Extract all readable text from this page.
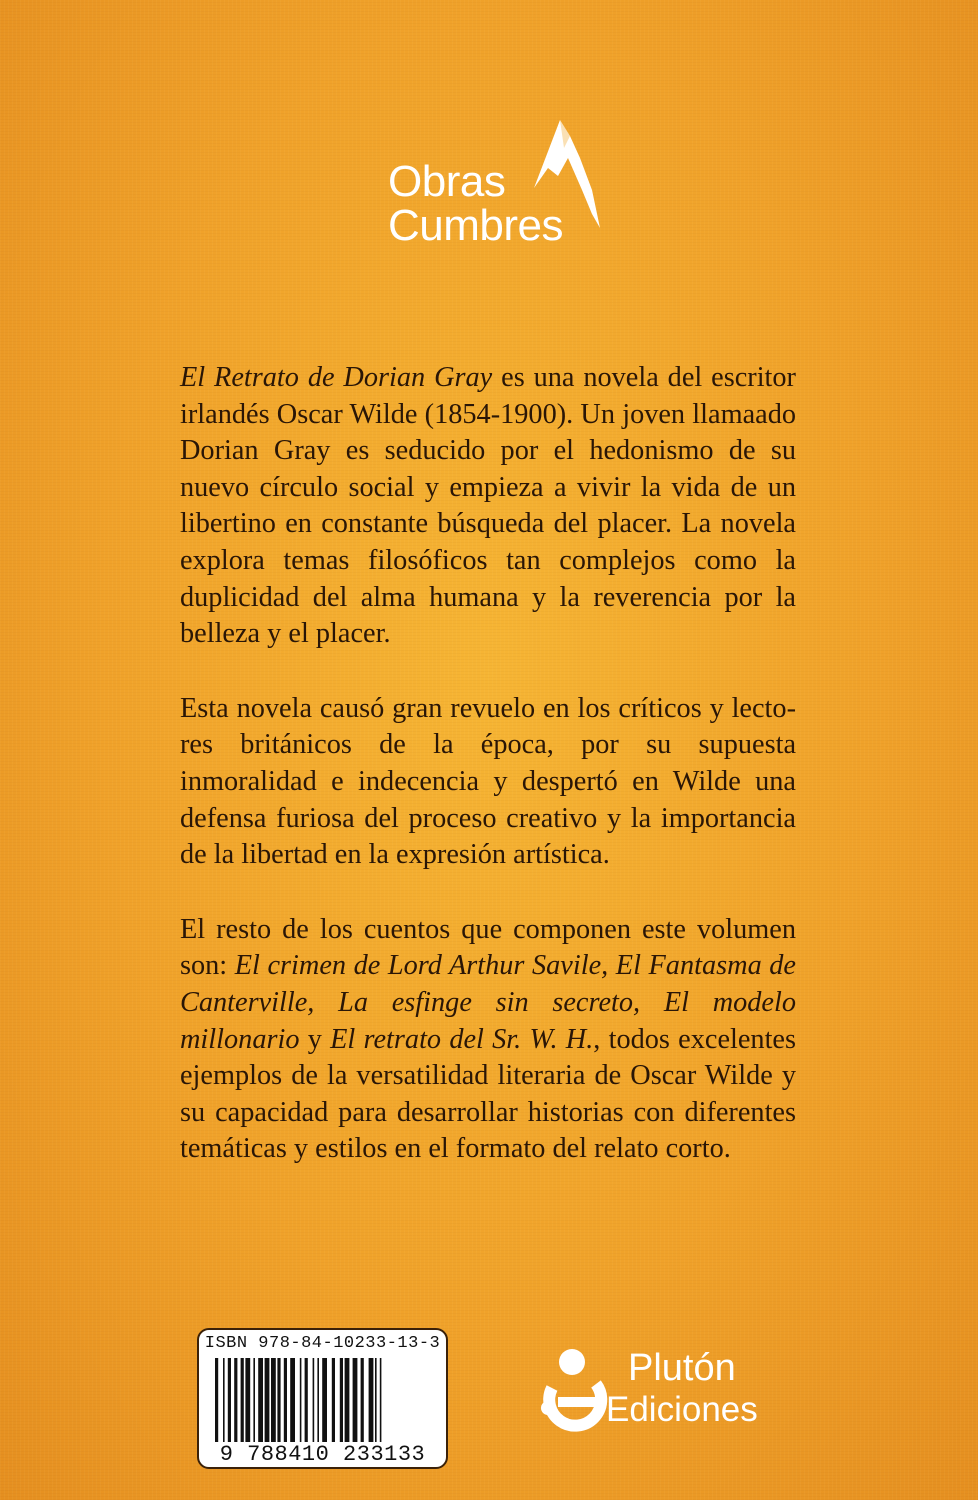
Obras
Cumbres

El Retrato de Dorian Gray es una novela del escritor irlandés Oscar Wilde (1854-1900). Un joven llamaado Dorian Gray es seducido por el hedonismo de su nuevo círculo social y empieza a vivir la vida de un libertino en constante búsqueda del placer. La novela explora temas filosóficos tan complejos como la duplicidad del alma humana y la reverencia por la belleza y el placer.

Esta novela causó gran revuelo en los críticos y lectores británicos de la época, por su supuesta inmoralidad e indecencia y despertó en Wilde una defensa furiosa del proceso creativo y la importancia de la libertad en la expresión artística.

El resto de los cuentos que componen este volumen son: El crimen de Lord Arthur Savile, El Fantasma de Canterville, La esfinge sin secreto, El modelo millonario y El retrato del Sr. W. H., todos excelentes ejemplos de la versatilidad literaria de Oscar Wilde y su capacidad para desarrollar historias con diferentes temáticas y estilos en el formato del relato corto.

ISBN 978-84-10233-13-3
9 788410 233133
Plutón
Ediciones
